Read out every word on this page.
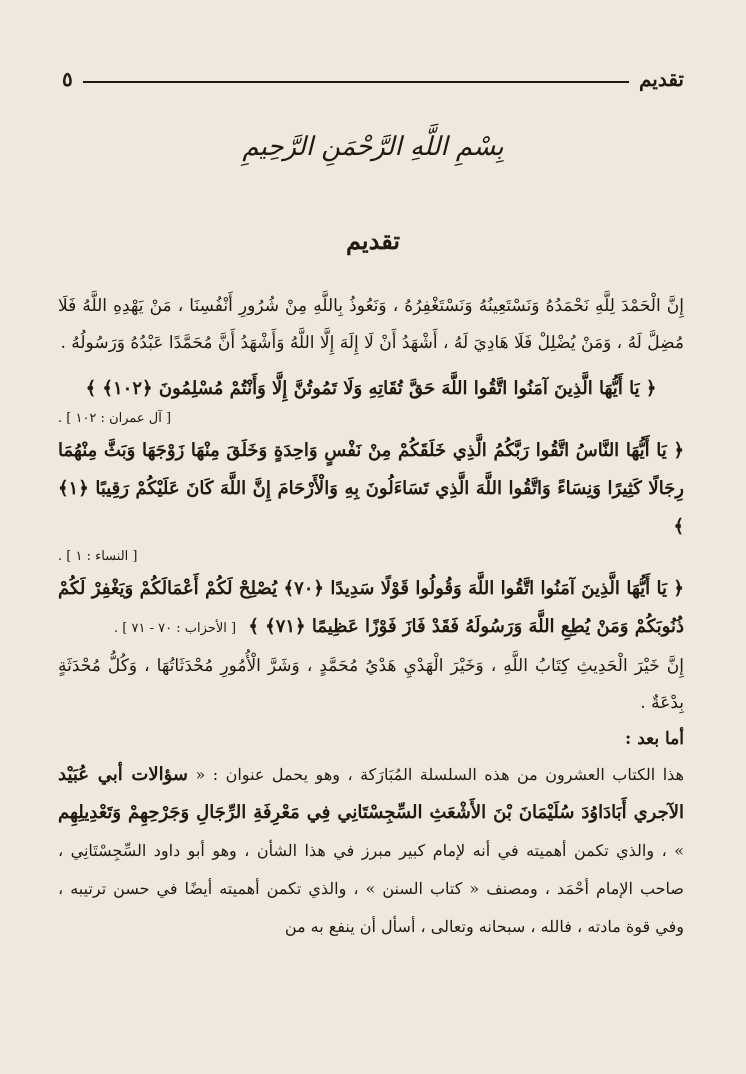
تقديم
٥
بِسْمِ اللَّهِ الرَّحْمَنِ الرَّحِيمِ
تقديم

إِنَّ الْحَمْدَ لِلَّهِ نَحْمَدُهُ وَنَسْتَعِينُهُ وَنَسْتَغْفِرُهُ ، وَنَعُوذُ بِاللَّهِ مِنْ شُرُورِ أَنْفُسِنَا ، مَنْ يَهْدِهِ اللَّهُ فَلَا مُضِلَّ لَهُ ، وَمَنْ يُضْلِلْ فَلَا هَادِيَ لَهُ ، أَشْهَدُ أَنْ لَا إِلَهَ إِلَّا اللَّهُ وَأَشْهَدُ أَنَّ مُحَمَّدًا عَبْدُهُ وَرَسُولُهُ .

﴿ يَا أَيُّهَا الَّذِينَ آمَنُوا اتَّقُوا اللَّهَ حَقَّ تُقَاتِهِ وَلَا تَمُوتُنَّ إِلَّا وَأَنْتُمْ مُسْلِمُونَ ﴿١٠٢﴾ ﴾

[ آل عمران : ١٠٢ ] .

﴿ يَا أَيُّهَا النَّاسُ اتَّقُوا رَبَّكُمُ الَّذِي خَلَقَكُمْ مِنْ نَفْسٍ وَاحِدَةٍ وَخَلَقَ مِنْهَا زَوْجَهَا وَبَثَّ مِنْهُمَا رِجَالًا كَثِيرًا وَنِسَاءً وَاتَّقُوا اللَّهَ الَّذِي تَسَاءَلُونَ بِهِ وَالْأَرْحَامَ إِنَّ اللَّهَ كَانَ عَلَيْكُمْ رَقِيبًا ﴿١﴾ ﴾

[ النساء : ١ ] .

﴿ يَا أَيُّهَا الَّذِينَ آمَنُوا اتَّقُوا اللَّهَ وَقُولُوا قَوْلًا سَدِيدًا ﴿٧٠﴾ يُصْلِحْ لَكُمْ أَعْمَالَكُمْ وَيَغْفِرْ لَكُمْ ذُنُوبَكُمْ وَمَنْ يُطِعِ اللَّهَ وَرَسُولَهُ فَقَدْ فَازَ فَوْزًا عَظِيمًا ﴿٧١﴾ ﴾ [ الأحزاب : ٧٠ - ٧١ ] .

إِنَّ خَيْرَ الْحَدِيثِ كِتَابُ اللَّهِ ، وَخَيْرَ الْهَدْيِ هَدْيُ مُحَمَّدٍ ، وَشَرَّ الْأُمُورِ مُحْدَثَاتُهَا ، وَكُلُّ مُحْدَثَةٍ بِدْعَةٌ .

أما بعد :

هذا الكتاب العشرون من هذه السلسلة المُبَارَكة ، وهو يحمل عنوان : « سؤالات أبي عُبَيْد الآجري أَبَادَاوُدَ سُلَيْمَانَ بْنَ الأَشْعَثِ السِّجِسْتَانِي فِي مَعْرِفَةِ الرِّجَالِ وَجَرْحِهِمْ وَتَعْدِيلِهِم » ، والذي تكمن أهميته في أنه لإمام كبير مبرز في هذا الشأن ، وهو أبو داود السِّجِسْتَانِي ، صاحب الإمام أحْمَد ، ومصنف « كتاب السنن » ، والذي تكمن أهميته أيضًا في حسن ترتيبه ، وفي قوة مادته ، فالله ، سبحانه وتعالى ، أسأل أن ينفع به من
